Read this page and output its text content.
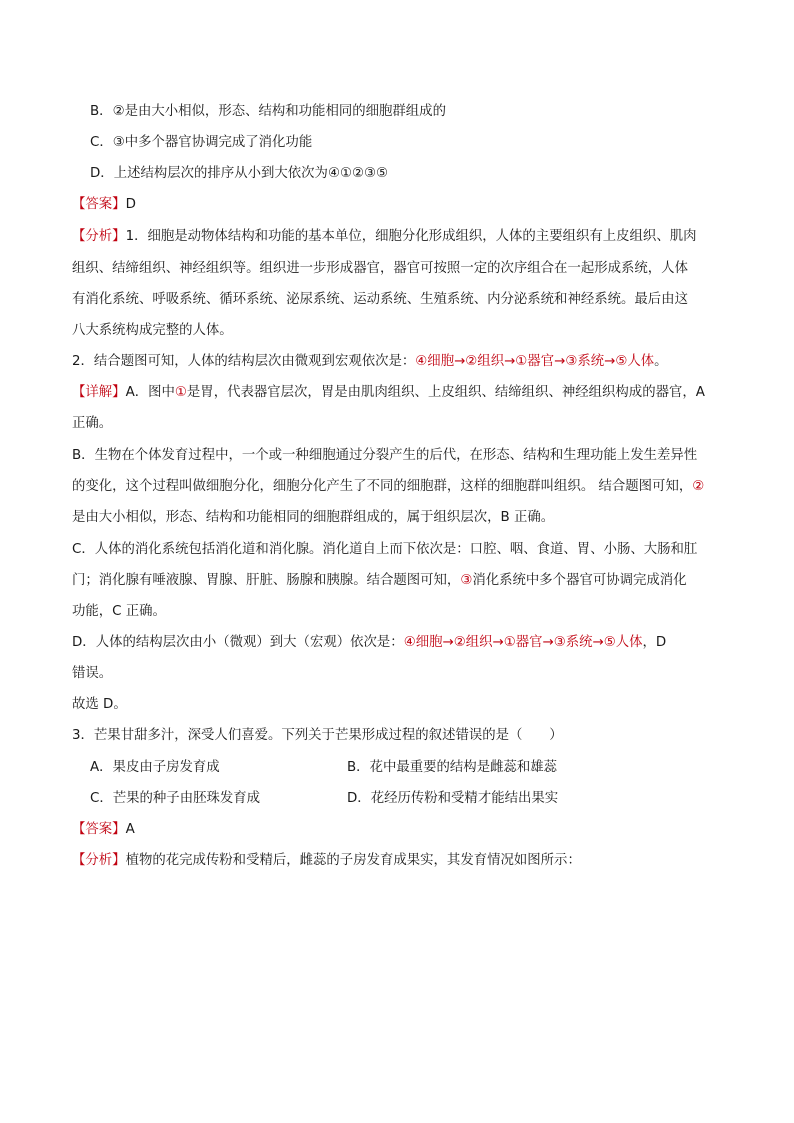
B．②是由大小相似，形态、结构和功能相同的细胞群组成的
C．③中多个器官协调完成了消化功能
D．上述结构层次的排序从小到大依次为④①②③⑤
【答案】D
【分析】1．细胞是动物体结构和功能的基本单位，细胞分化形成组织，人体的主要组织有上皮组织、肌肉
组织、结缔组织、神经组织等。组织进一步形成器官，器官可按照一定的次序组合在一起形成系统，人体
有消化系统、呼吸系统、循环系统、泌尿系统、运动系统、生殖系统、内分泌系统和神经系统。最后由这
八大系统构成完整的人体。
2．结合题图可知，人体的结构层次由微观到宏观依次是：④细胞→②组织→①器官→③系统→⑤人体。
【详解】A．图中①是胃，代表器官层次，胃是由肌肉组织、上皮组织、结缔组织、神经组织构成的器官，A
正确。
B．生物在个体发育过程中，一个或一种细胞通过分裂产生的后代，在形态、结构和生理功能上发生差异性
的变化，这个过程叫做细胞分化，细胞分化产生了不同的细胞群，这样的细胞群叫组织。 结合题图可知，②
是由大小相似，形态、结构和功能相同的细胞群组成的，属于组织层次，B 正确。
C．人体的消化系统包括消化道和消化腺。消化道自上而下依次是：口腔、咽、食道、胃、小肠、大肠和肛
门；消化腺有唾液腺、胃腺、肝脏、肠腺和胰腺。结合题图可知，③消化系统中多个器官可协调完成消化
功能，C 正确。
D．人体的结构层次由小（微观）到大（宏观）依次是：④细胞→②组织→①器官→③系统→⑤人体，D
错误。
故选 D。
3．芒果甘甜多汁，深受人们喜爱。下列关于芒果形成过程的叙述错误的是（　　）
A．果皮由子房发育成	B．花中最重要的结构是雌蕊和雄蕊
C．芒果的种子由胚珠发育成	D．花经历传粉和受精才能结出果实
【答案】A
【分析】植物的花完成传粉和受精后，雌蕊的子房发育成果实，其发育情况如图所示：
